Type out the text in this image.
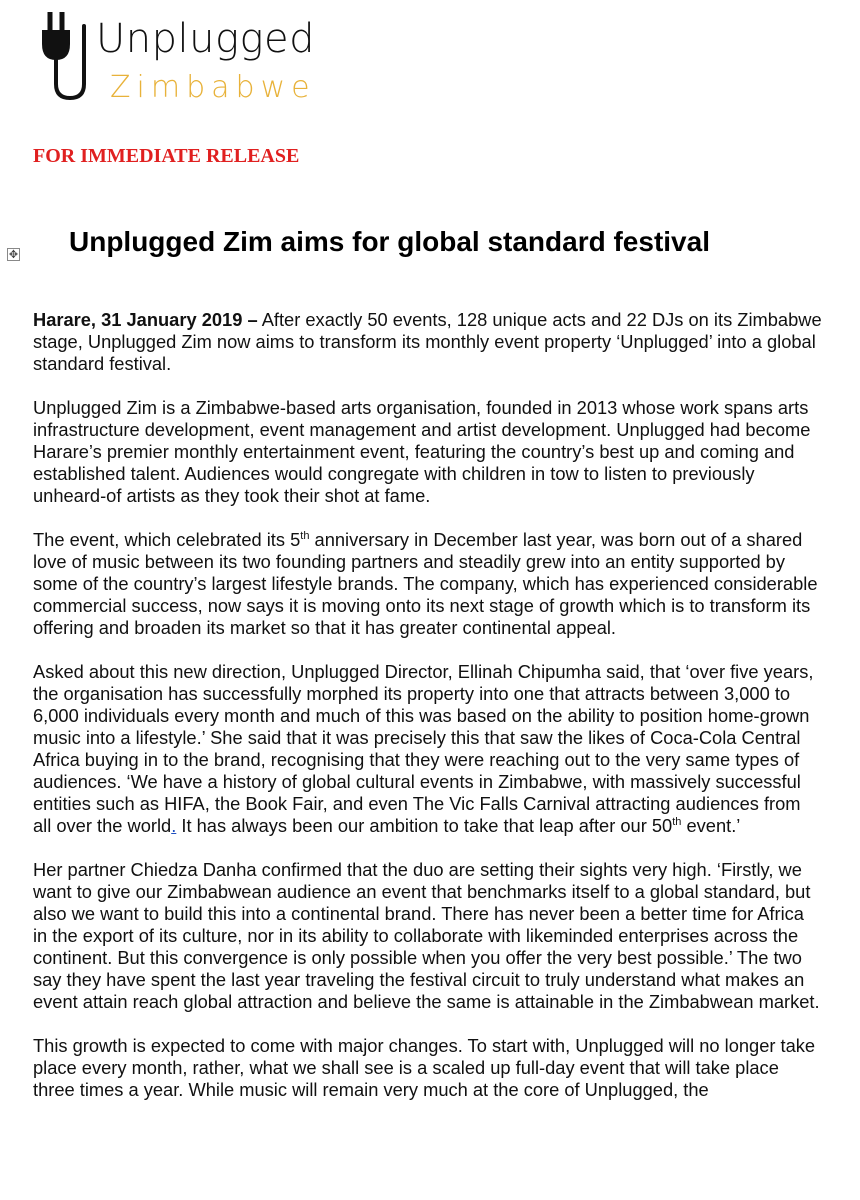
Unplugged
Zimbabwe
FOR IMMEDIATE RELEASE
✥ Unplugged Zim aims for global standard festival

Harare, 31 January 2019 – After exactly 50 events, 128 unique acts and 22 DJs on its Zimbabwe stage, Unplugged Zim now aims to transform its monthly event property ‘Unplugged’ into a global standard festival.

Unplugged Zim is a Zimbabwe-based arts organisation, founded in 2013 whose work spans arts infrastructure development, event management and artist development. Unplugged had become Harare’s premier monthly entertainment event, featuring the country’s best up and coming and established talent. Audiences would congregate with children in tow to listen to previously unheard-of artists as they took their shot at fame.

The event, which celebrated its 5th anniversary in December last year, was born out of a shared love of music between its two founding partners and steadily grew into an entity supported by some of the country’s largest lifestyle brands. The company, which has experienced considerable commercial success, now says it is moving onto its next stage of growth which is to transform its offering and broaden its market so that it has greater continental appeal.

Asked about this new direction, Unplugged Director, Ellinah Chipumha said, that ‘over five years, the organisation has successfully morphed its property into one that attracts between 3,000 to 6,000 individuals every month and much of this was based on the ability to position home-grown music into a lifestyle.’ She said that it was precisely this that saw the likes of Coca-Cola Central Africa buying in to the brand, recognising that they were reaching out to the very same types of audiences. ‘We have a history of global cultural events in Zimbabwe, with massively successful entities such as HIFA, the Book Fair, and even The Vic Falls Carnival attracting audiences from all over the world. It has always been our ambition to take that leap after our 50th event.’

Her partner Chiedza Danha confirmed that the duo are setting their sights very high. ‘Firstly, we want to give our Zimbabwean audience an event that benchmarks itself to a global standard, but also we want to build this into a continental brand. There has never been a better time for Africa in the export of its culture, nor in its ability to collaborate with likeminded enterprises across the continent. But this convergence is only possible when you offer the very best possible.’ The two say they have spent the last year traveling the festival circuit to truly understand what makes an event attain reach global attraction and believe the same is attainable in the Zimbabwean market.

This growth is expected to come with major changes. To start with, Unplugged will no longer take place every month, rather, what we shall see is a scaled up full-day event that will take place three times a year. While music will remain very much at the core of Unplugged, the
